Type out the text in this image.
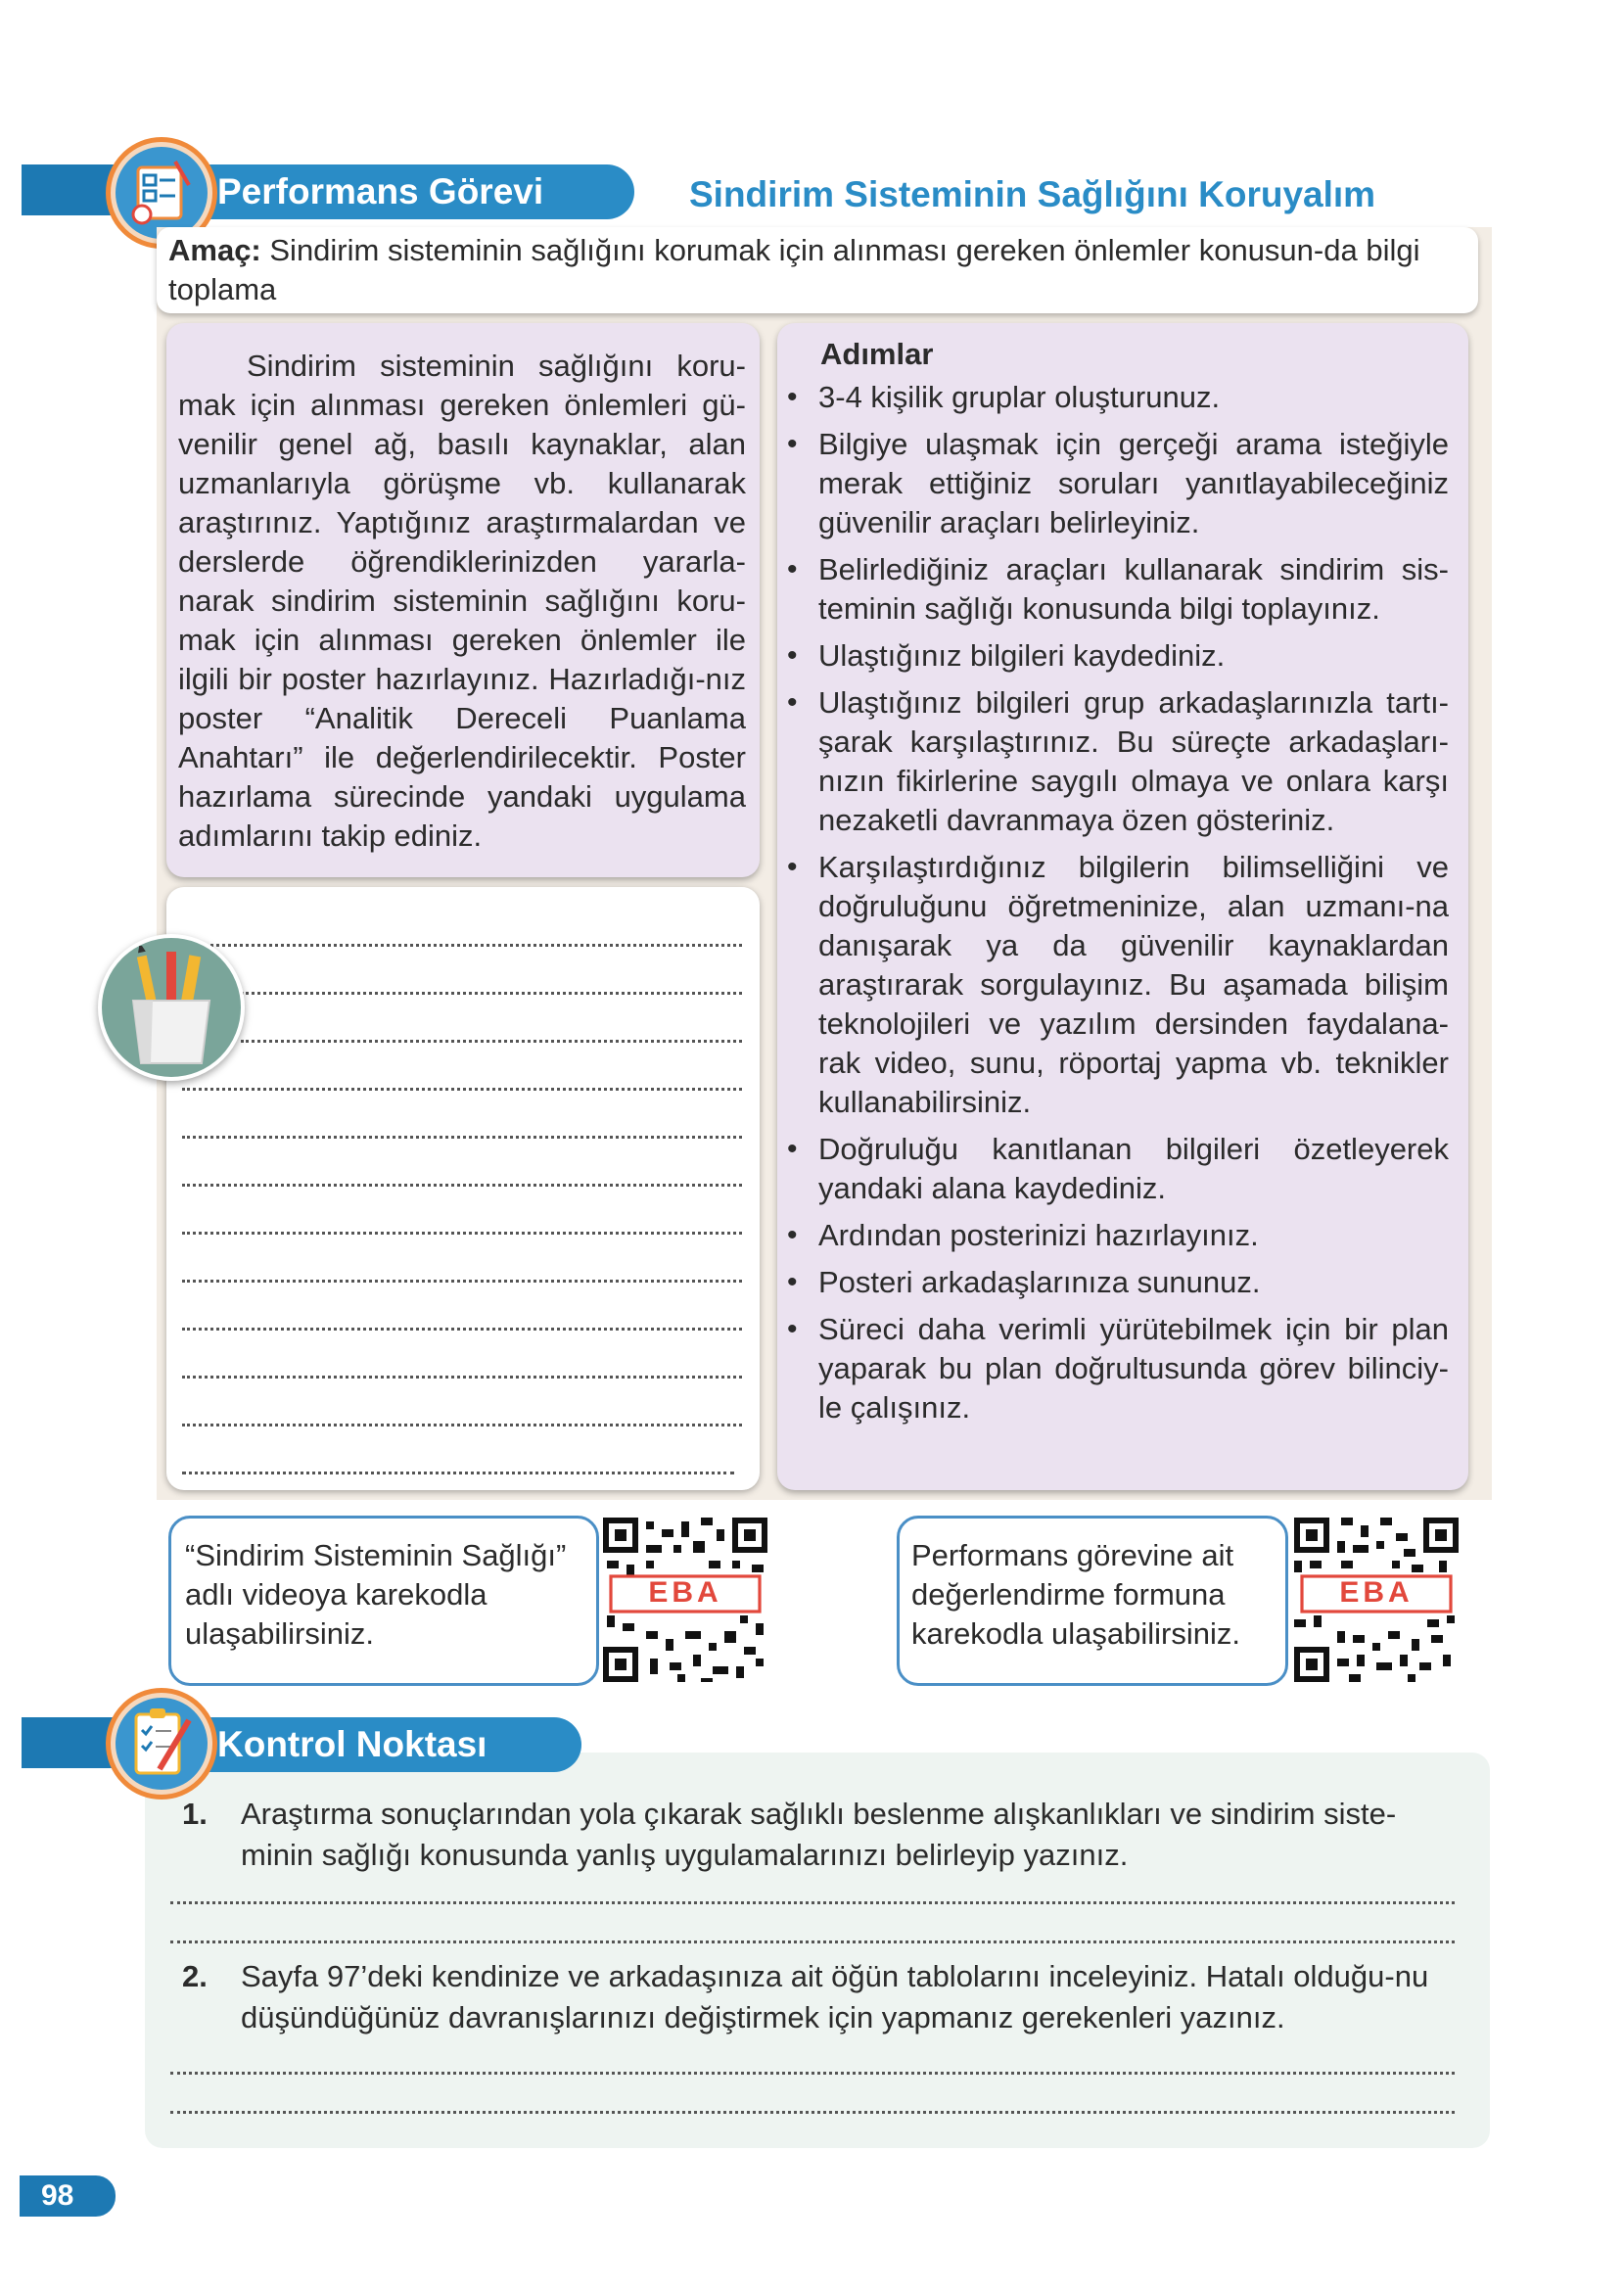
Performans Görevi	Sindirim Sisteminin Sağlığını Koruyalım
Amaç: Sindirim sisteminin sağlığını korumak için alınması gereken önlemler konusun-da bilgi toplama
Sindirim sisteminin sağlığını koru-mak için alınması gereken önlemleri gü-venilir genel ağ, basılı kaynaklar, alan uzmanlarıyla görüşme vb. kullanarak araştırınız. Yaptığınız araştırmalardan ve derslerde öğrendiklerinizden yararla-narak sindirim sisteminin sağlığını koru-mak için alınması gereken önlemler ile ilgili bir poster hazırlayınız. Hazırladığı-nız poster “Analitik Dereceli Puanlama Anahtarı” ile değerlendirilecektir. Poster hazırlama sürecinde yandaki uygulama adımlarını takip ediniz.
Adımlar
• 3-4 kişilik gruplar oluşturunuz.
• Bilgiye ulaşmak için gerçeği arama isteğiyle merak ettiğiniz soruları yanıtlayabileceğiniz güvenilir araçları belirleyiniz.
• Belirlediğiniz araçları kullanarak sindirim sis-teminin sağlığı konusunda bilgi toplayınız.
• Ulaştığınız bilgileri kaydediniz.
• Ulaştığınız bilgileri grup arkadaşlarınızla tartı-şarak karşılaştırınız. Bu süreçte arkadaşları-nızın fikirlerine saygılı olmaya ve onlara karşı nezaketli davranmaya özen gösteriniz.
• Karşılaştırdığınız bilgilerin bilimselliğini ve doğruluğunu öğretmeninize, alan uzmanı-na danışarak ya da güvenilir kaynaklardan araştırarak sorgulayınız. Bu aşamada bilişim teknolojileri ve yazılım dersinden faydalana-rak video, sunu, röportaj yapma vb. teknikler kullanabilirsiniz.
• Doğruluğu kanıtlanan bilgileri özetleyerek yandaki alana kaydediniz.
• Ardından posterinizi hazırlayınız.
• Posteri arkadaşlarınıza sununuz.
• Süreci daha verimli yürütebilmek için bir plan yaparak bu plan doğrultusunda görev bilinciy-le çalışınız.
“Sindirim Sisteminin Sağlığı” adlı videoya karekodla ulaşabilirsiniz.
EBA
Performans görevine ait değerlendirme formuna karekodla ulaşabilirsiniz.
EBA
Kontrol Noktası
1.	Araştırma sonuçlarından yola çıkarak sağlıklı beslenme alışkanlıkları ve sindirim siste-minin sağlığı konusunda yanlış uygulamalarınızı belirleyip yazınız.
2.	Sayfa 97’deki kendinize ve arkadaşınıza ait öğün tablolarını inceleyiniz. Hatalı olduğu-nu düşündüğünüz davranışlarınızı değiştirmek için yapmanız gerekenleri yazınız.
98
